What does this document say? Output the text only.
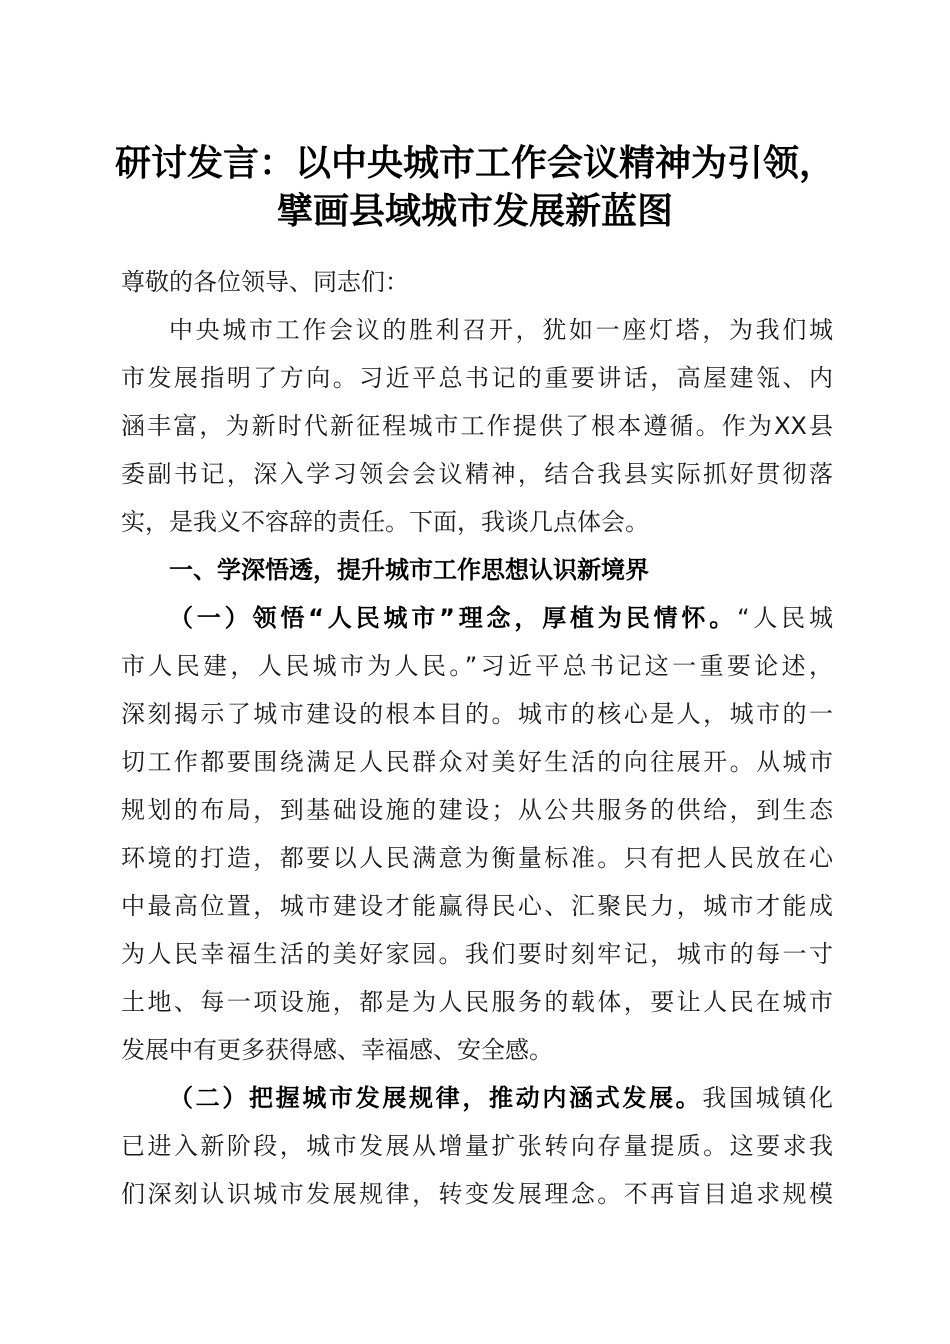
研讨发言：以中央城市工作会议精神为引领，
擘画县域城市发展新蓝图
尊敬的各位领导、同志们：
中央城市工作会议的胜利召开，犹如一座灯塔，为我们城
市发展指明了方向。习近平总书记的重要讲话，高屋建瓴、内
涵丰富，为新时代新征程城市工作提供了根本遵循。作为XX县
委副书记，深入学习领会会议精神，结合我县实际抓好贯彻落
实，是我义不容辞的责任。下面，我谈几点体会。
一、学深悟透，提升城市工作思想认识新境界
（一）领悟“人民城市”理念，厚植为民情怀。“人民城
市人民建，人民城市为人民。”习近平总书记这一重要论述，
深刻揭示了城市建设的根本目的。城市的核心是人，城市的一
切工作都要围绕满足人民群众对美好生活的向往展开。从城市
规划的布局，到基础设施的建设；从公共服务的供给，到生态
环境的打造，都要以人民满意为衡量标准。只有把人民放在心
中最高位置，城市建设才能赢得民心、汇聚民力，城市才能成
为人民幸福生活的美好家园。我们要时刻牢记，城市的每一寸
土地、每一项设施，都是为人民服务的载体，要让人民在城市
发展中有更多获得感、幸福感、安全感。
（二）把握城市发展规律，推动内涵式发展。我国城镇化
已进入新阶段，城市发展从增量扩张转向存量提质。这要求我
们深刻认识城市发展规律，转变发展理念。不再盲目追求规模
